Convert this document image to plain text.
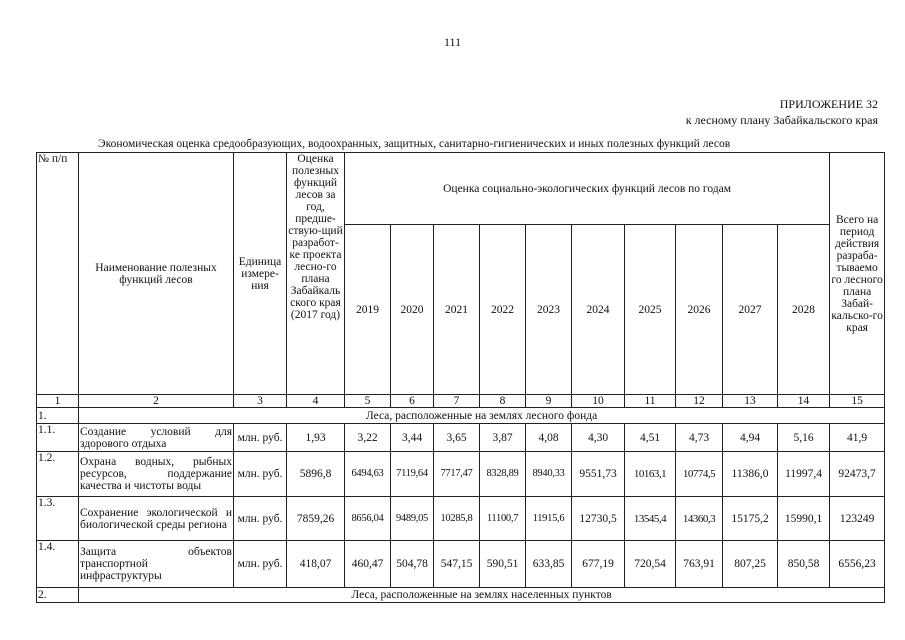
111
ПРИЛОЖЕНИЕ 32
к лесному плану Забайкальского края
Экономическая оценка средообразующих, водоохранных, защитных, санитарно-гигиенических и иных полезных функций лесов
№ п/п	Наименование полезных функций лесов	Единица измере-ния	Оценка полезных функций лесов за год, предше-ствую-щий разработ-ке проекта лесно-го плана Забайкаль ского края (2017 год)	Оценка социально-экологических функций лесов по годам										Всего на период действия разраба-тываемо го лесного плана Забай-кальско-го края
				2019	2020	2021	2022	2023	2024	2025	2026	2027	2028	
1	2	3	4	5	6	7	8	9	10	11	12	13	14	15
1.	Леса, расположенные на землях лесного фонда													
1.1.	Создание условий для здорового отдыха	млн. руб.	1,93	3,22	3,44	3,65	3,87	4,08	4,30	4,51	4,73	4,94	5,16	41,9
1.2.	Охрана водных, рыбных ресурсов, поддержание качества и чистоты воды	млн. руб.	5896,8	6494,63	7119,64	7717,47	8328,89	8940,33	9551,73	10163,1	10774,5	11386,0	11997,4	92473,7
1.3.	Сохранение экологической и биологической среды региона	млн. руб.	7859,26	8656,04	9489,05	10285,8	11100,7	11915,6	12730,5	13545,4	14360,3	15175,2	15990,1	123249
1.4.	Защита объектов транспортной инфраструктуры	млн. руб.	418,07	460,47	504,78	547,15	590,51	633,85	677,19	720,54	763,91	807,25	850,58	6556,23
2.	Леса, расположенные на землях населенных пунктов													
